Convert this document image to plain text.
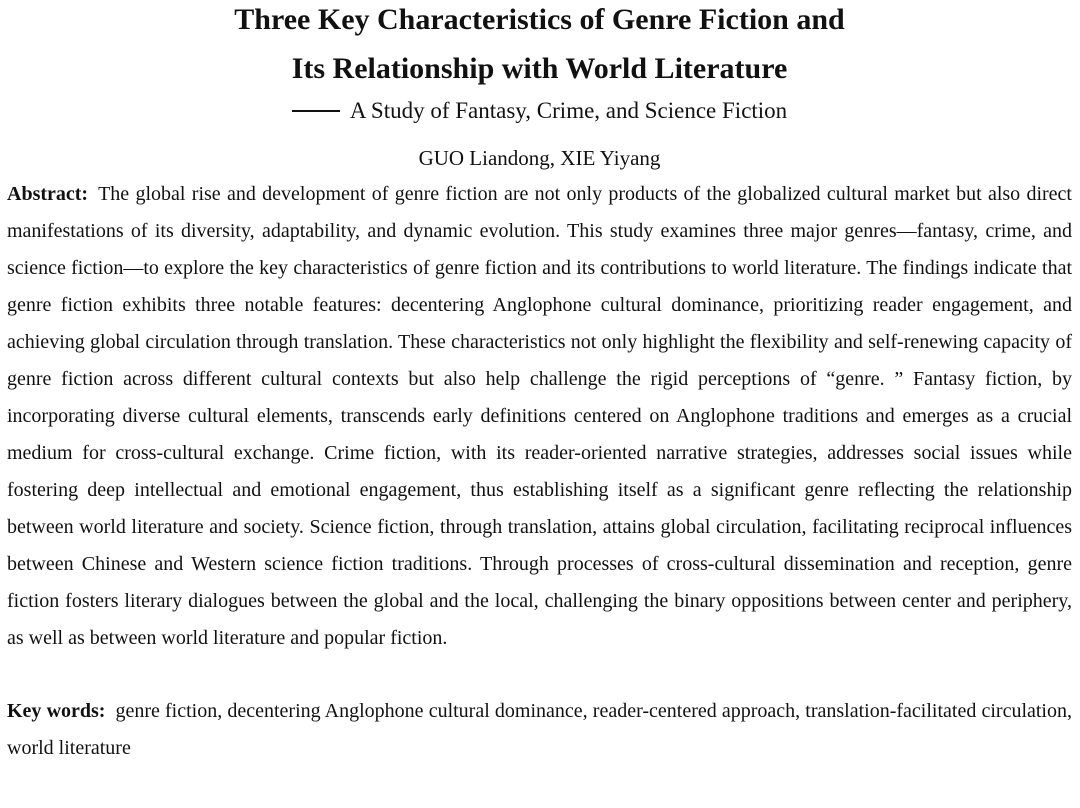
Three Key Characteristics of Genre Fiction and
Its Relationship with World Literature
A Study of Fantasy, Crime, and Science Fiction
GUO Liandong, XIE Yiyang
Abstract: The global rise and development of genre fiction are not only products of the globalized cultural market but also direct manifestations of its diversity, adaptability, and dynamic evolution. This study examines three major genres—fantasy, crime, and science fiction—to explore the key characteristics of genre fiction and its contributions to world literature. The findings indicate that genre fiction exhibits three notable features: decentering Anglophone cultural dominance, prioritizing reader engagement, and achieving global circulation through translation. These characteristics not only highlight the flexibility and self-renewing capacity of genre fiction across different cultural contexts but also help challenge the rigid perceptions of “genre. ” Fantasy fiction, by incorporating diverse cultural elements, transcends early definitions centered on Anglophone traditions and emerges as a crucial medium for cross-cultural exchange. Crime fiction, with its reader-oriented narrative strategies, addresses social issues while fostering deep intellectual and emotional engagement, thus establishing itself as a significant genre reflecting the relationship between world literature and society. Science fiction, through translation, attains global circulation, facilitating reciprocal influences between Chinese and Western science fiction traditions. Through processes of cross-cultural dissemination and reception, genre fiction fosters literary dialogues between the global and the local, challenging the binary oppositions between center and periphery, as well as between world literature and popular fiction.
Key words: genre fiction, decentering Anglophone cultural dominance, reader-centered approach, translation-facilitated circulation, world literature
